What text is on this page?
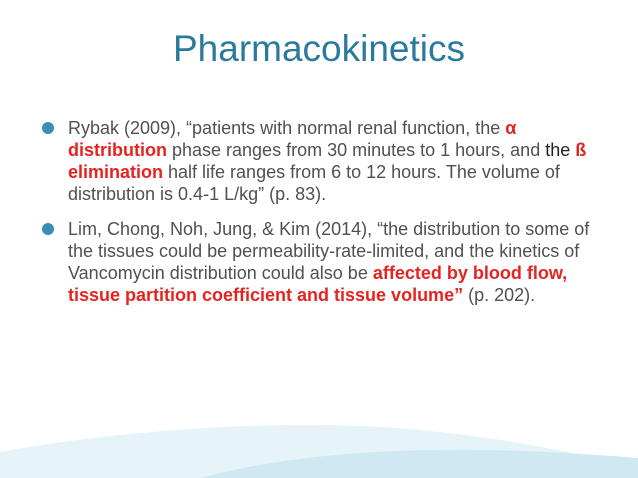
Pharmacokinetics
Rybak (2009), “patients with normal renal function, the α distribution phase ranges from 30 minutes to 1 hours, and the ß elimination half life ranges from 6 to 12 hours. The volume of distribution is 0.4-1 L/kg” (p. 83).
Lim, Chong, Noh, Jung, & Kim (2014), “the distribution to some of the tissues could be permeability-rate-limited, and the kinetics of Vancomycin distribution could also be affected by blood flow, tissue partition coefficient and tissue volume” (p. 202).
